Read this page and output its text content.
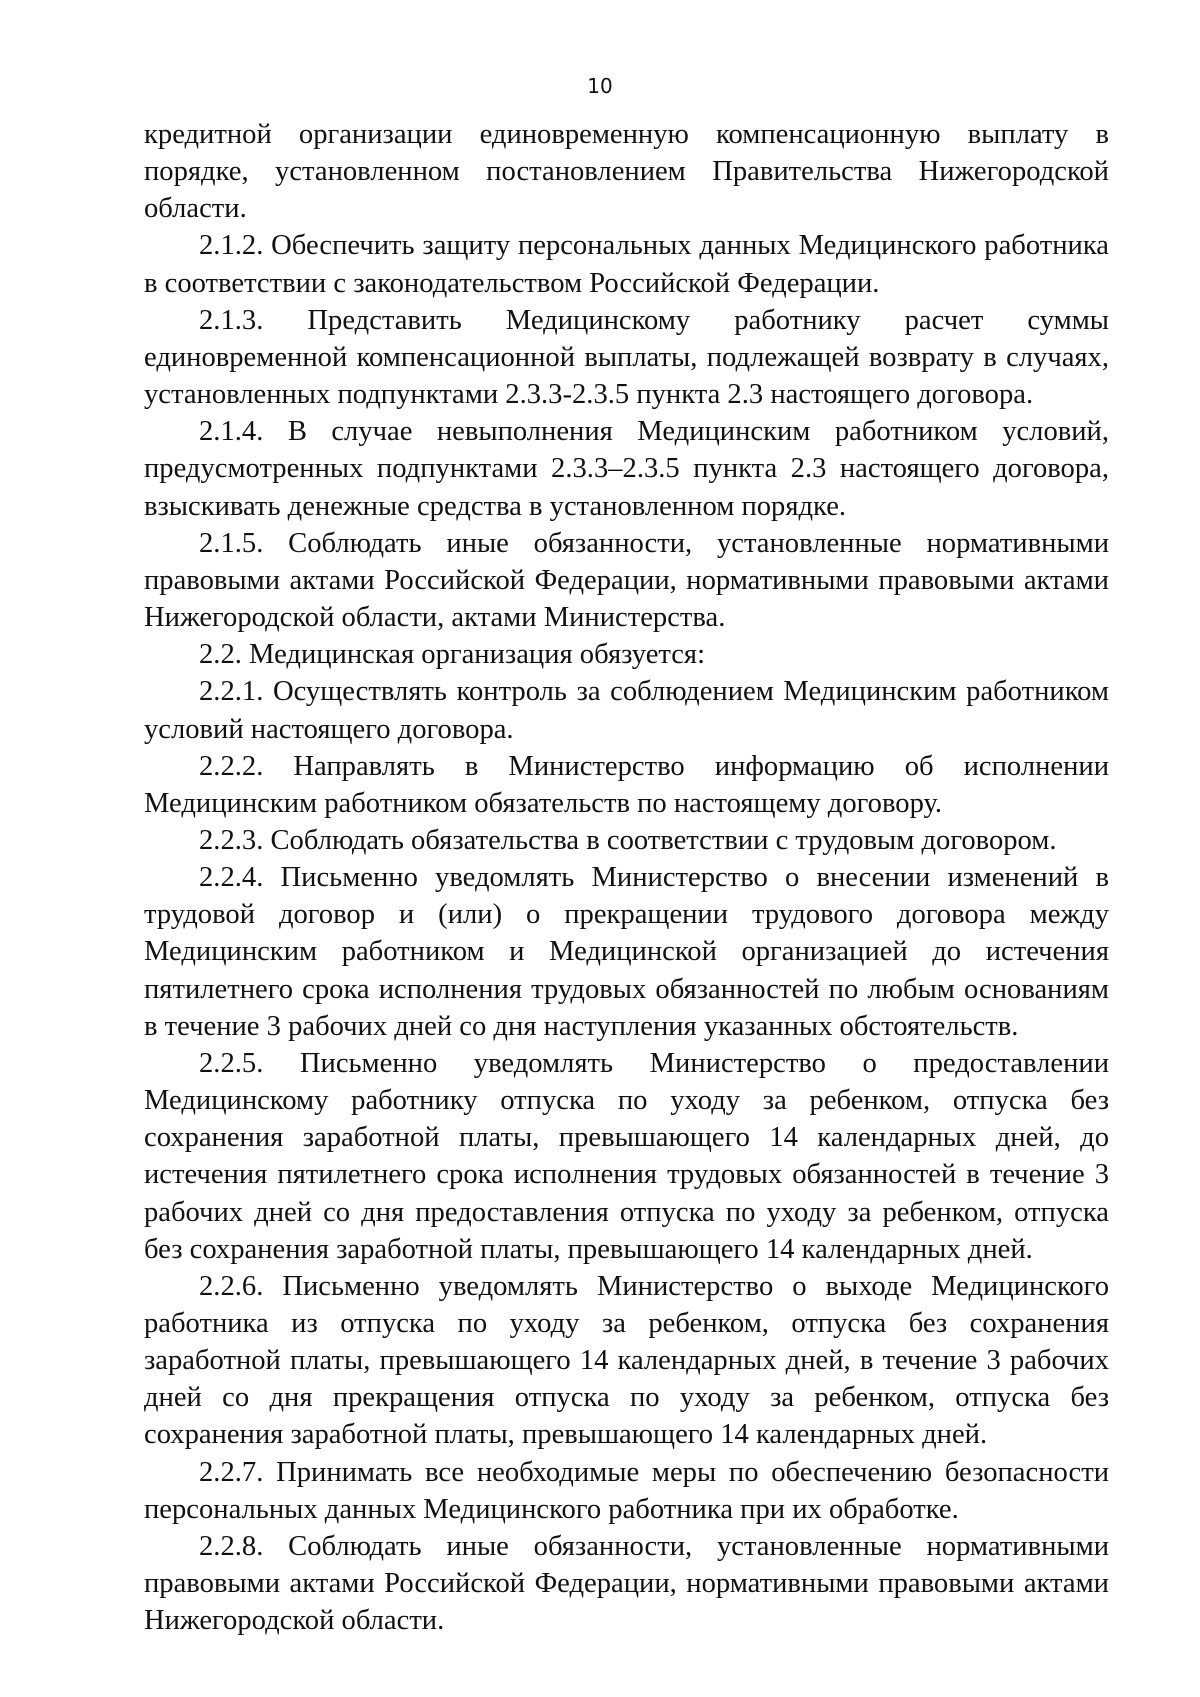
10

кредитной организации единовременную компенсационную выплату в порядке, установленном постановлением Правительства Нижегородской области.

2.1.2. Обеспечить защиту персональных данных Медицинского работника в соответствии с законодательством Российской Федерации.

2.1.3. Представить Медицинскому работнику расчет суммы единовременной компенсационной выплаты, подлежащей возврату в случаях, установленных подпунктами 2.3.3-2.3.5 пункта 2.3 настоящего договора.

2.1.4. В случае невыполнения Медицинским работником условий, предусмотренных подпунктами 2.3.3–2.3.5 пункта 2.3 настоящего договора, взыскивать денежные средства в установленном порядке.

2.1.5. Соблюдать иные обязанности, установленные нормативными правовыми актами Российской Федерации, нормативными правовыми актами Нижегородской области, актами Министерства.

2.2. Медицинская организация обязуется:

2.2.1. Осуществлять контроль за соблюдением Медицинским работником условий настоящего договора.

2.2.2. Направлять в Министерство информацию об исполнении Медицинским работником обязательств по настоящему договору.

2.2.3. Соблюдать обязательства в соответствии с трудовым договором.

2.2.4. Письменно уведомлять Министерство о внесении изменений в трудовой договор и (или) о прекращении трудового договора между Медицинским работником и Медицинской организацией до истечения пятилетнего срока исполнения трудовых обязанностей по любым основаниям в течение 3 рабочих дней со дня наступления указанных обстоятельств.

2.2.5. Письменно уведомлять Министерство о предоставлении Медицинскому работнику отпуска по уходу за ребенком, отпуска без сохранения заработной платы, превышающего 14 календарных дней, до истечения пятилетнего срока исполнения трудовых обязанностей в течение 3 рабочих дней со дня предоставления отпуска по уходу за ребенком, отпуска без сохранения заработной платы, превышающего 14 календарных дней.

2.2.6. Письменно уведомлять Министерство о выходе Медицинского работника из отпуска по уходу за ребенком, отпуска без сохранения заработной платы, превышающего 14 календарных дней, в течение 3 рабочих дней со дня прекращения отпуска по уходу за ребенком, отпуска без сохранения заработной платы, превышающего 14 календарных дней.

2.2.7. Принимать все необходимые меры по обеспечению безопасности персональных данных Медицинского работника при их обработке.

2.2.8. Соблюдать иные обязанности, установленные нормативными правовыми актами Российской Федерации, нормативными правовыми актами Нижегородской области.
